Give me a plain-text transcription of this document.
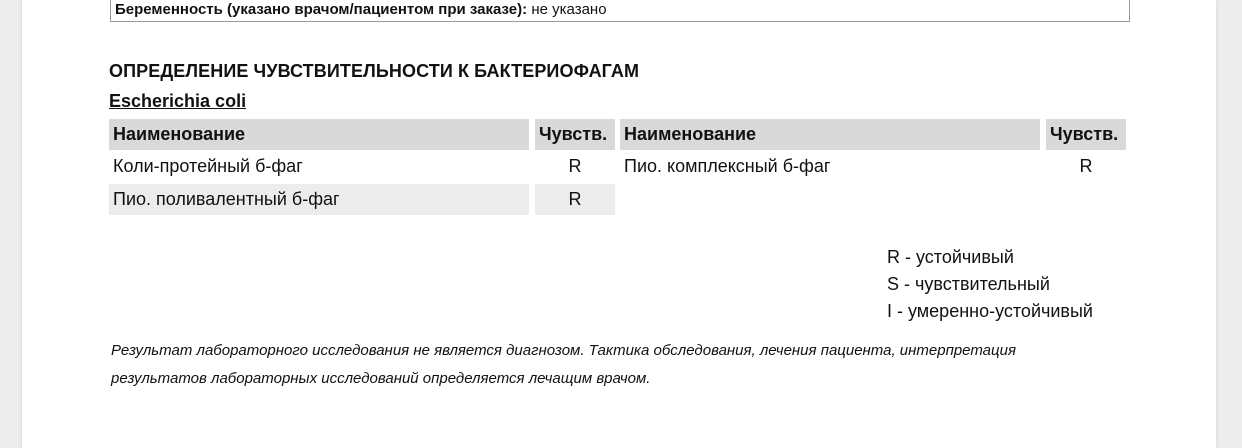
Беременность (указано врачом/пациентом при заказе): не указано
ОПРЕДЕЛЕНИЕ ЧУВСТВИТЕЛЬНОСТИ К БАКТЕРИОФАГАМ
Escherichia coli
Наименование	Чувств. Наименование	Чувств.
Коли-протейный б-фаг	R	Пио. комплексный б-фаг	R
Пио. поливалентный б-фаг	R
R - устойчивый
S - чувствительный
I - умеренно-устойчивый
Результат лабораторного исследования не является диагнозом. Тактика обследования, лечения пациента, интерпретация
результатов лабораторных исследований определяется лечащим врачом.
